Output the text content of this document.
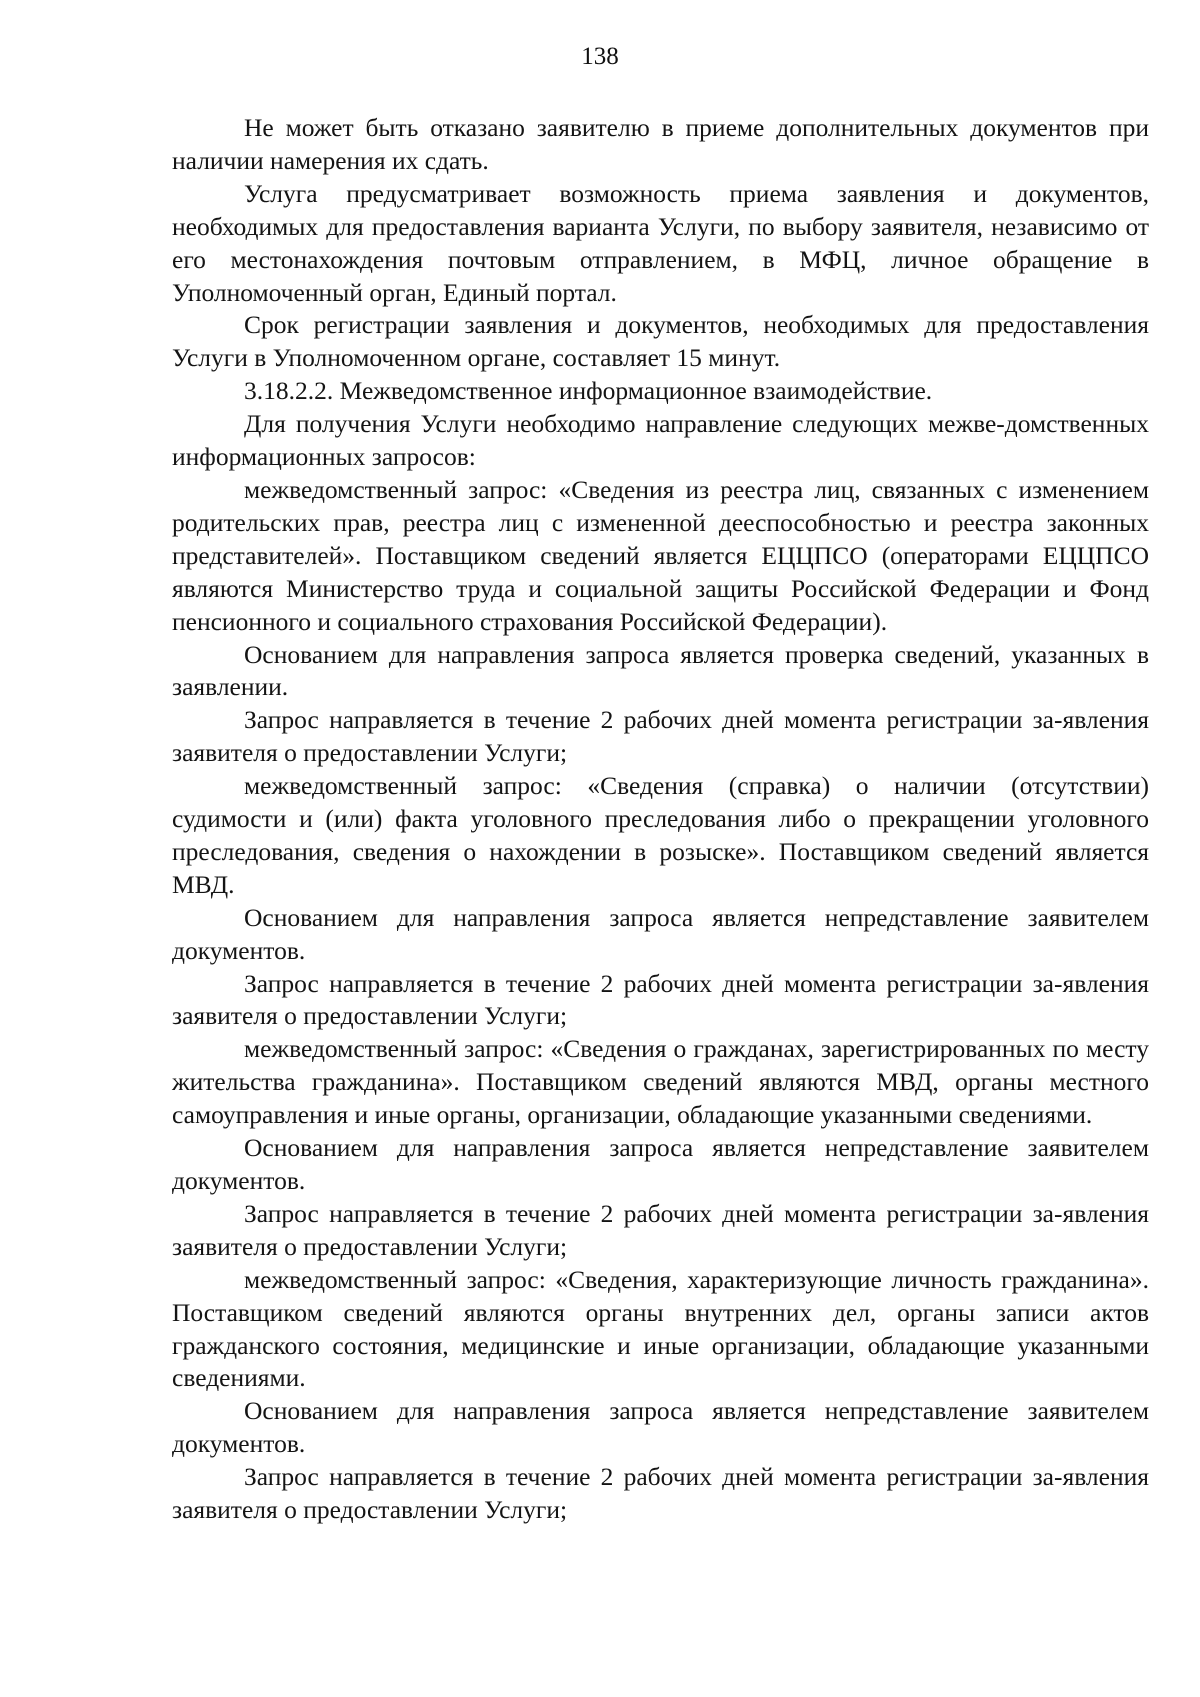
138

Не может быть отказано заявителю в приеме дополнительных документов при наличии намерения их сдать.

Услуга предусматривает возможность приема заявления и документов, необходимых для предоставления варианта Услуги, по выбору заявителя, независимо от его местонахождения почтовым отправлением, в МФЦ, личное обращение в Уполномоченный орган, Единый портал.

Срок регистрации заявления и документов, необходимых для предоставления Услуги в Уполномоченном органе, составляет 15 минут.

3.18.2.2. Межведомственное информационное взаимодействие.

Для получения Услуги необходимо направление следующих межве-домственных информационных запросов:

межведомственный запрос: «Сведения из реестра лиц, связанных с изменением родительских прав, реестра лиц с измененной дееспособностью и реестра законных представителей». Поставщиком сведений является ЕЦЦПСО (операторами ЕЦЦПСО являются Министерство труда и социальной защиты Российской Федерации и Фонд пенсионного и социального страхования Российской Федерации).

Основанием для направления запроса является проверка сведений, указанных в заявлении.

Запрос направляется в течение 2 рабочих дней момента регистрации за-явления заявителя о предоставлении Услуги;

межведомственный запрос: «Сведения (справка) о наличии (отсутствии) судимости и (или) факта уголовного преследования либо о прекращении уголовного преследования, сведения о нахождении в розыске». Поставщиком сведений является МВД.

Основанием для направления запроса является непредставление заявителем документов.

Запрос направляется в течение 2 рабочих дней момента регистрации за-явления заявителя о предоставлении Услуги;

межведомственный запрос: «Сведения о гражданах, зарегистрированных по месту жительства гражданина». Поставщиком сведений являются МВД, органы местного самоуправления и иные органы, организации, обладающие указанными сведениями.

Основанием для направления запроса является непредставление заявителем документов.

Запрос направляется в течение 2 рабочих дней момента регистрации за-явления заявителя о предоставлении Услуги;

межведомственный запрос: «Сведения, характеризующие личность гражданина». Поставщиком сведений являются органы внутренних дел, органы записи актов гражданского состояния, медицинские и иные организации, обладающие указанными сведениями.

Основанием для направления запроса является непредставление заявителем документов.

Запрос направляется в течение 2 рабочих дней момента регистрации за-явления заявителя о предоставлении Услуги;
